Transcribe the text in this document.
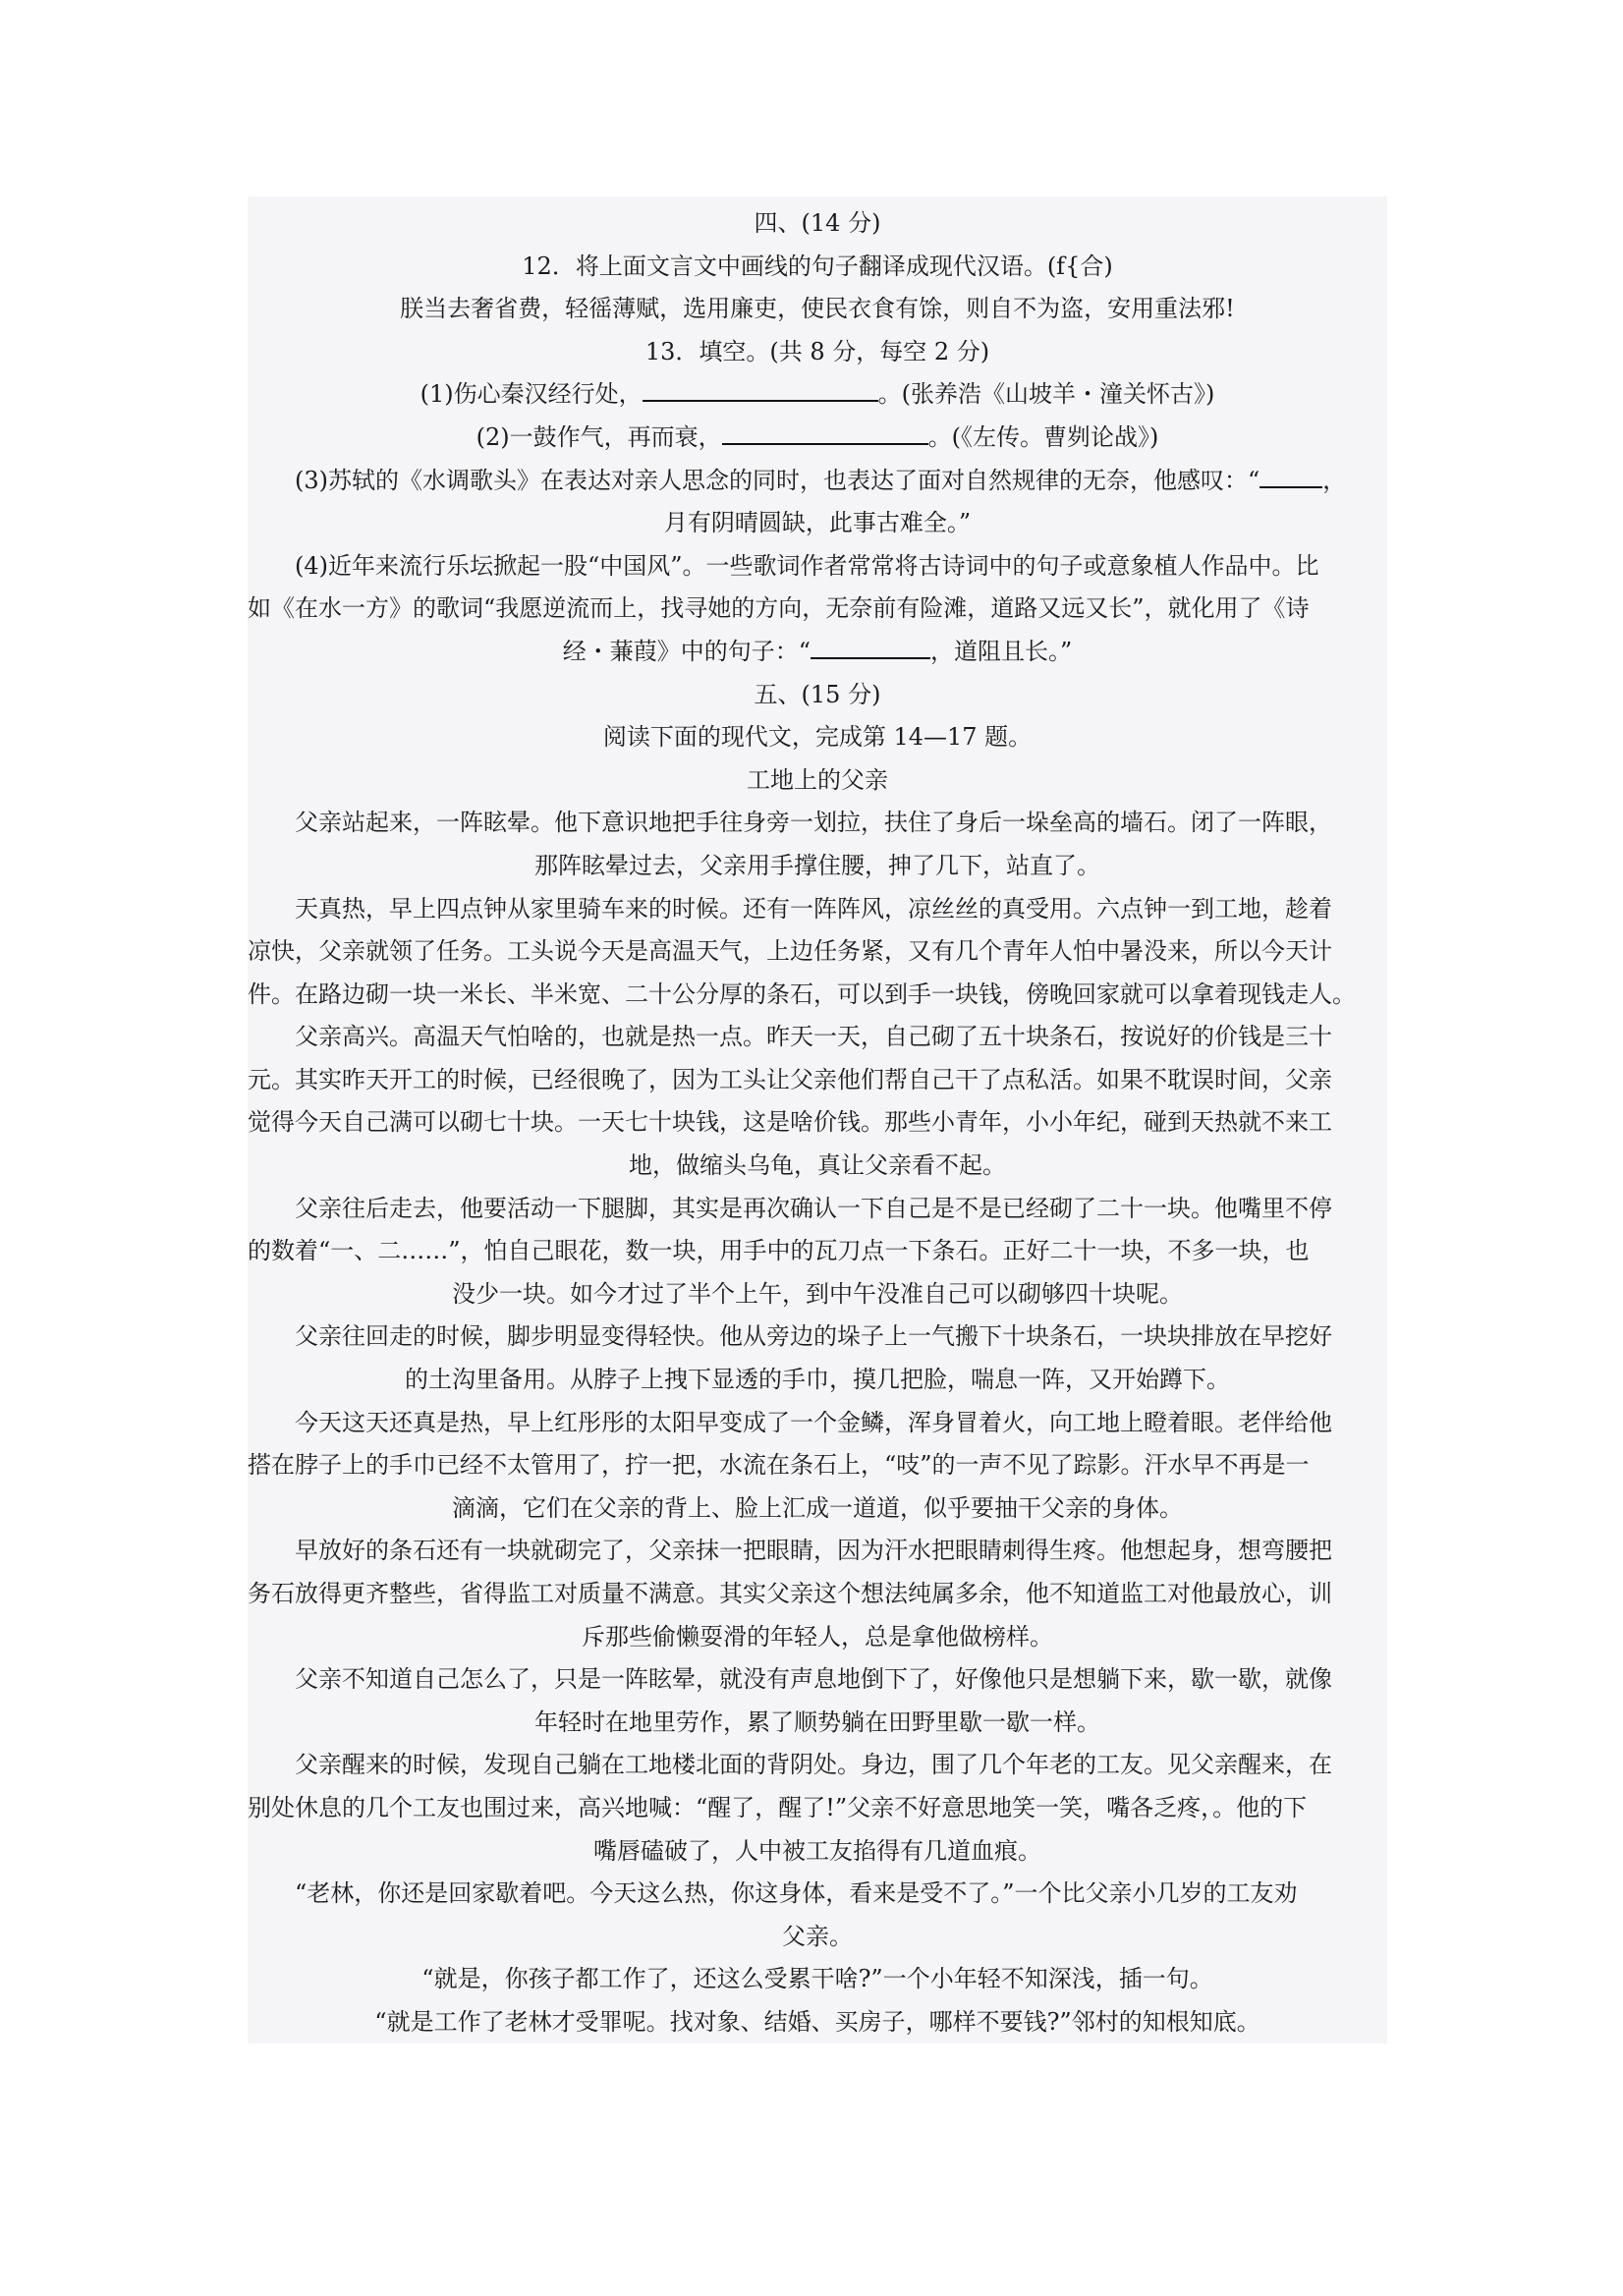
四、(14 分)
12．将上面文言文中画线的句子翻译成现代汉语。(f{合)
朕当去奢省费，轻徭薄赋，选用廉吏，使民衣食有馀，则自不为盗，安用重法邪!
13．填空。(共 8 分，每空 2 分)
(1)伤心秦汉经行处，	。(张养浩《山坡羊・潼关怀古》)
(2)一鼓作气，再而衰，	。(《左传。曹刿论战》)
(3)苏轼的《水调歌头》在表达对亲人思念的同时，也表达了面对自然规律的无奈，他感叹：“	，
月有阴晴圆缺，此事古难全。”
(4)近年来流行乐坛掀起一股“中国风”。一些歌词作者常常将古诗词中的句子或意象植人作品中。比
如《在水一方》的歌词“我愿逆流而上，找寻她的方向，无奈前有险滩，道路又远又长”，就化用了《诗
经・蒹葭》中的句子：“	，道阻且长。”
五、(15 分)
阅读下面的现代文，完成第 14—17 题。
工地上的父亲
父亲站起来，一阵眩晕。他下意识地把手往身旁一划拉，扶住了身后一垛垒高的墙石。闭了一阵眼，
那阵眩晕过去，父亲用手撑住腰，抻了几下，站直了。
天真热，早上四点钟从家里骑车来的时候。还有一阵阵风，凉丝丝的真受用。六点钟一到工地，趁着
凉快，父亲就领了任务。工头说今天是高温天气，上边任务紧，又有几个青年人怕中暑没来，所以今天计
件。在路边砌一块一米长、半米宽、二十公分厚的条石，可以到手一块钱，傍晚回家就可以拿着现钱走人。
父亲高兴。高温天气怕啥的，也就是热一点。昨天一天，自己砌了五十块条石，按说好的价钱是三十
元。其实昨天开工的时候，已经很晚了，因为工头让父亲他们帮自己干了点私活。如果不耽误时间，父亲
觉得今天自己满可以砌七十块。一天七十块钱，这是啥价钱。那些小青年，小小年纪，碰到天热就不来工
地，做缩头乌龟，真让父亲看不起。
父亲往后走去，他要活动一下腿脚，其实是再次确认一下自己是不是已经砌了二十一块。他嘴里不停
的数着“一、二……”，怕自己眼花，数一块，用手中的瓦刀点一下条石。正好二十一块，不多一块，也
没少一块。如今才过了半个上午，到中午没准自己可以砌够四十块呢。
父亲往回走的时候，脚步明显变得轻快。他从旁边的垛子上一气搬下十块条石，一块块排放在早挖好
的土沟里备用。从脖子上拽下显透的手巾，摸几把脸，喘息一阵，又开始蹲下。
今天这天还真是热，早上红彤彤的太阳早变成了一个金鳞，浑身冒着火，向工地上瞪着眼。老伴给他
搭在脖子上的手巾已经不太管用了，拧一把，水流在条石上，“吱”的一声不见了踪影。汗水早不再是一
滴滴，它们在父亲的背上、脸上汇成一道道，似乎要抽干父亲的身体。
早放好的条石还有一块就砌完了，父亲抹一把眼睛，因为汗水把眼睛刺得生疼。他想起身，想弯腰把
务石放得更齐整些，省得监工对质量不满意。其实父亲这个想法纯属多余，他不知道监工对他最放心，训
斥那些偷懒耍滑的年轻人，总是拿他做榜样。
父亲不知道自己怎么了，只是一阵眩晕，就没有声息地倒下了，好像他只是想躺下来，歇一歇，就像
年轻时在地里劳作，累了顺势躺在田野里歇一歇一样。
父亲醒来的时候，发现自己躺在工地楼北面的背阴处。身边，围了几个年老的工友。见父亲醒来，在
别处休息的几个工友也围过来，高兴地喊：“醒了，醒了!”父亲不好意思地笑一笑，嘴各乏疼，。他的下
嘴唇磕破了，人中被工友掐得有几道血痕。
“老林，你还是回家歇着吧。今天这么热，你这身体，看来是受不了。”一个比父亲小几岁的工友劝
父亲。
“就是，你孩子都工作了，还这么受累干啥?”一个小年轻不知深浅，插一句。
“就是工作了老林才受罪呢。找对象、结婚、买房子，哪样不要钱?”邻村的知根知底。
